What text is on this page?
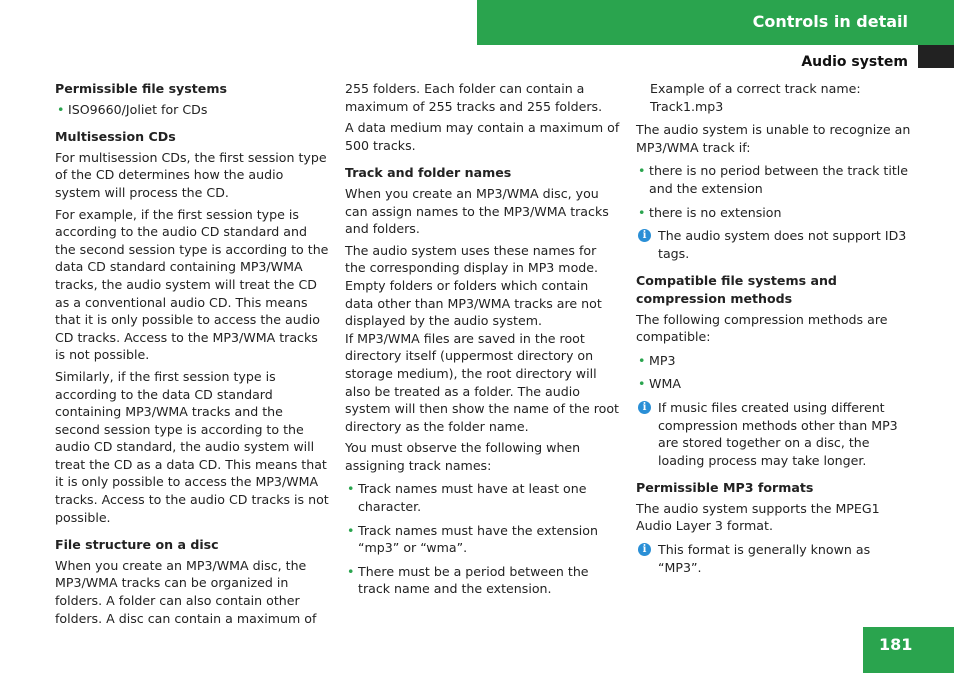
Controls in detail
Audio system
Permissible file systems
• ISO9660/Joliet for CDs
Multisession CDs

For multisession CDs, the first session type of the CD determines how the audio system will process the CD.

For example, if the first session type is according to the audio CD standard and the second session type is according to the data CD standard containing MP3/WMA tracks, the audio system will treat the CD as a conventional audio CD. This means that it is only possible to access the audio CD tracks. Access to the MP3/WMA tracks is not possible.

Similarly, if the first session type is according to the data CD standard containing MP3/WMA tracks and the second session type is according to the audio CD standard, the audio system will treat the CD as a data CD. This means that it is only possible to access the MP3/WMA tracks. Access to the audio CD tracks is not possible.

File structure on a disc

When you create an MP3/WMA disc, the MP3/WMA tracks can be organized in folders. A folder can also contain other folders. A disc can contain a maximum of

255 folders. Each folder can contain a maximum of 255 tracks and 255 folders.

A data medium may contain a maximum of 500 tracks.

Track and folder names

When you create an MP3/WMA disc, you can assign names to the MP3/WMA tracks and folders.

The audio system uses these names for the corresponding display in MP3 mode. Empty folders or folders which contain data other than MP3/WMA tracks are not displayed by the audio system.

If MP3/WMA files are saved in the root directory itself (uppermost directory on storage medium), the root directory will also be treated as a folder. The audio system will then show the name of the root directory as the folder name.

You must observe the following when assigning track names:

• Track names must have at least one character.
• Track names must have the extension “mp3” or “wma”.
• There must be a period between the track name and the extension.
Example of a correct track name:
Track1.mp3

The audio system is unable to recognize an MP3/WMA track if:

• there is no period between the track title and the extension
• there is no extension
i The audio system does not support ID3 tags.
Compatible file systems and compression methods

The following compression methods are compatible:

• MP3
• WMA
i If music files created using different compression methods other than MP3 are stored together on a disc, the loading process may take longer.
Permissible MP3 formats

The audio system supports the MPEG1 Audio Layer 3 format.

i This format is generally known as “MP3”.
181
